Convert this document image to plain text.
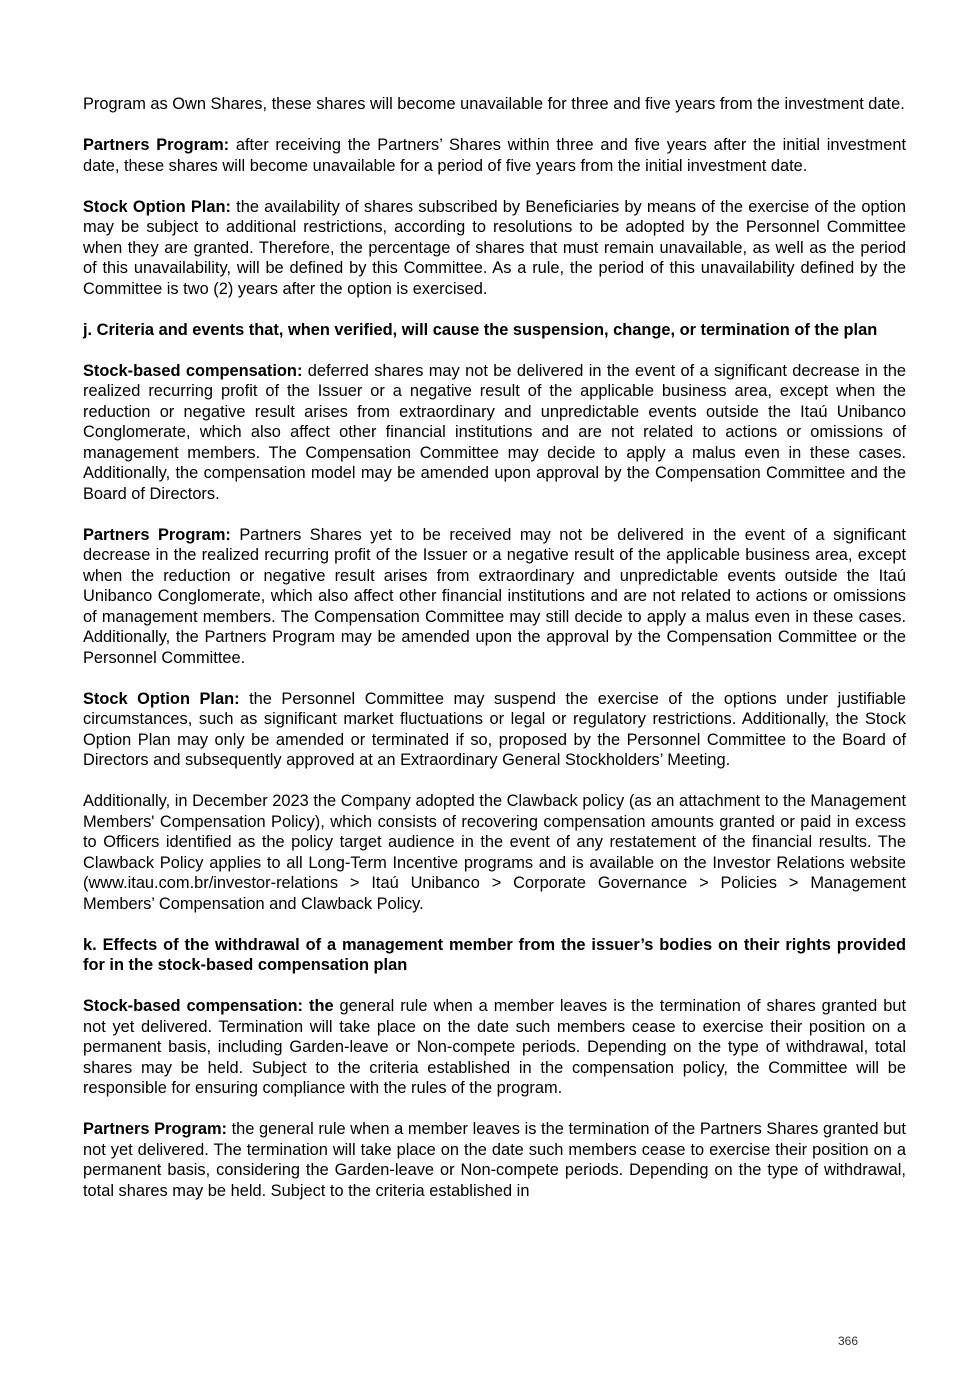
Program as Own Shares, these shares will become unavailable for three and five years from the investment date.

Partners Program: after receiving the Partners’ Shares within three and five years after the initial investment date, these shares will become unavailable for a period of five years from the initial investment date.

Stock Option Plan: the availability of shares subscribed by Beneficiaries by means of the exercise of the option may be subject to additional restrictions, according to resolutions to be adopted by the Personnel Committee when they are granted. Therefore, the percentage of shares that must remain unavailable, as well as the period of this unavailability, will be defined by this Committee. As a rule, the period of this unavailability defined by the Committee is two (2) years after the option is exercised.

j. Criteria and events that, when verified, will cause the suspension, change, or termination of the plan

Stock-based compensation: deferred shares may not be delivered in the event of a significant decrease in the realized recurring profit of the Issuer or a negative result of the applicable business area, except when the reduction or negative result arises from extraordinary and unpredictable events outside the Itaú Unibanco Conglomerate, which also affect other financial institutions and are not related to actions or omissions of management members. The Compensation Committee may decide to apply a malus even in these cases. Additionally, the compensation model may be amended upon approval by the Compensation Committee and the Board of Directors.

Partners Program: Partners Shares yet to be received may not be delivered in the event of a significant decrease in the realized recurring profit of the Issuer or a negative result of the applicable business area, except when the reduction or negative result arises from extraordinary and unpredictable events outside the Itaú Unibanco Conglomerate, which also affect other financial institutions and are not related to actions or omissions of management members. The Compensation Committee may still decide to apply a malus even in these cases. Additionally, the Partners Program may be amended upon the approval by the Compensation Committee or the Personnel Committee.

Stock Option Plan: the Personnel Committee may suspend the exercise of the options under justifiable circumstances, such as significant market fluctuations or legal or regulatory restrictions. Additionally, the Stock Option Plan may only be amended or terminated if so, proposed by the Personnel Committee to the Board of Directors and subsequently approved at an Extraordinary General Stockholders’ Meeting.

Additionally, in December 2023 the Company adopted the Clawback policy (as an attachment to the Management Members' Compensation Policy), which consists of recovering compensation amounts granted or paid in excess to Officers identified as the policy target audience in the event of any restatement of the financial results. The Clawback Policy applies to all Long-Term Incentive programs and is available on the Investor Relations website (www.itau.com.br/investor-relations > Itaú Unibanco > Corporate Governance > Policies > Management Members’ Compensation and Clawback Policy.

k. Effects of the withdrawal of a management member from the issuer’s bodies on their rights provided for in the stock-based compensation plan

Stock-based compensation: the general rule when a member leaves is the termination of shares granted but not yet delivered. Termination will take place on the date such members cease to exercise their position on a permanent basis, including Garden-leave or Non-compete periods. Depending on the type of withdrawal, total shares may be held. Subject to the criteria established in the compensation policy, the Committee will be responsible for ensuring compliance with the rules of the program.

Partners Program: the general rule when a member leaves is the termination of the Partners Shares granted but not yet delivered. The termination will take place on the date such members cease to exercise their position on a permanent basis, considering the Garden-leave or Non-compete periods. Depending on the type of withdrawal, total shares may be held. Subject to the criteria established in

366
